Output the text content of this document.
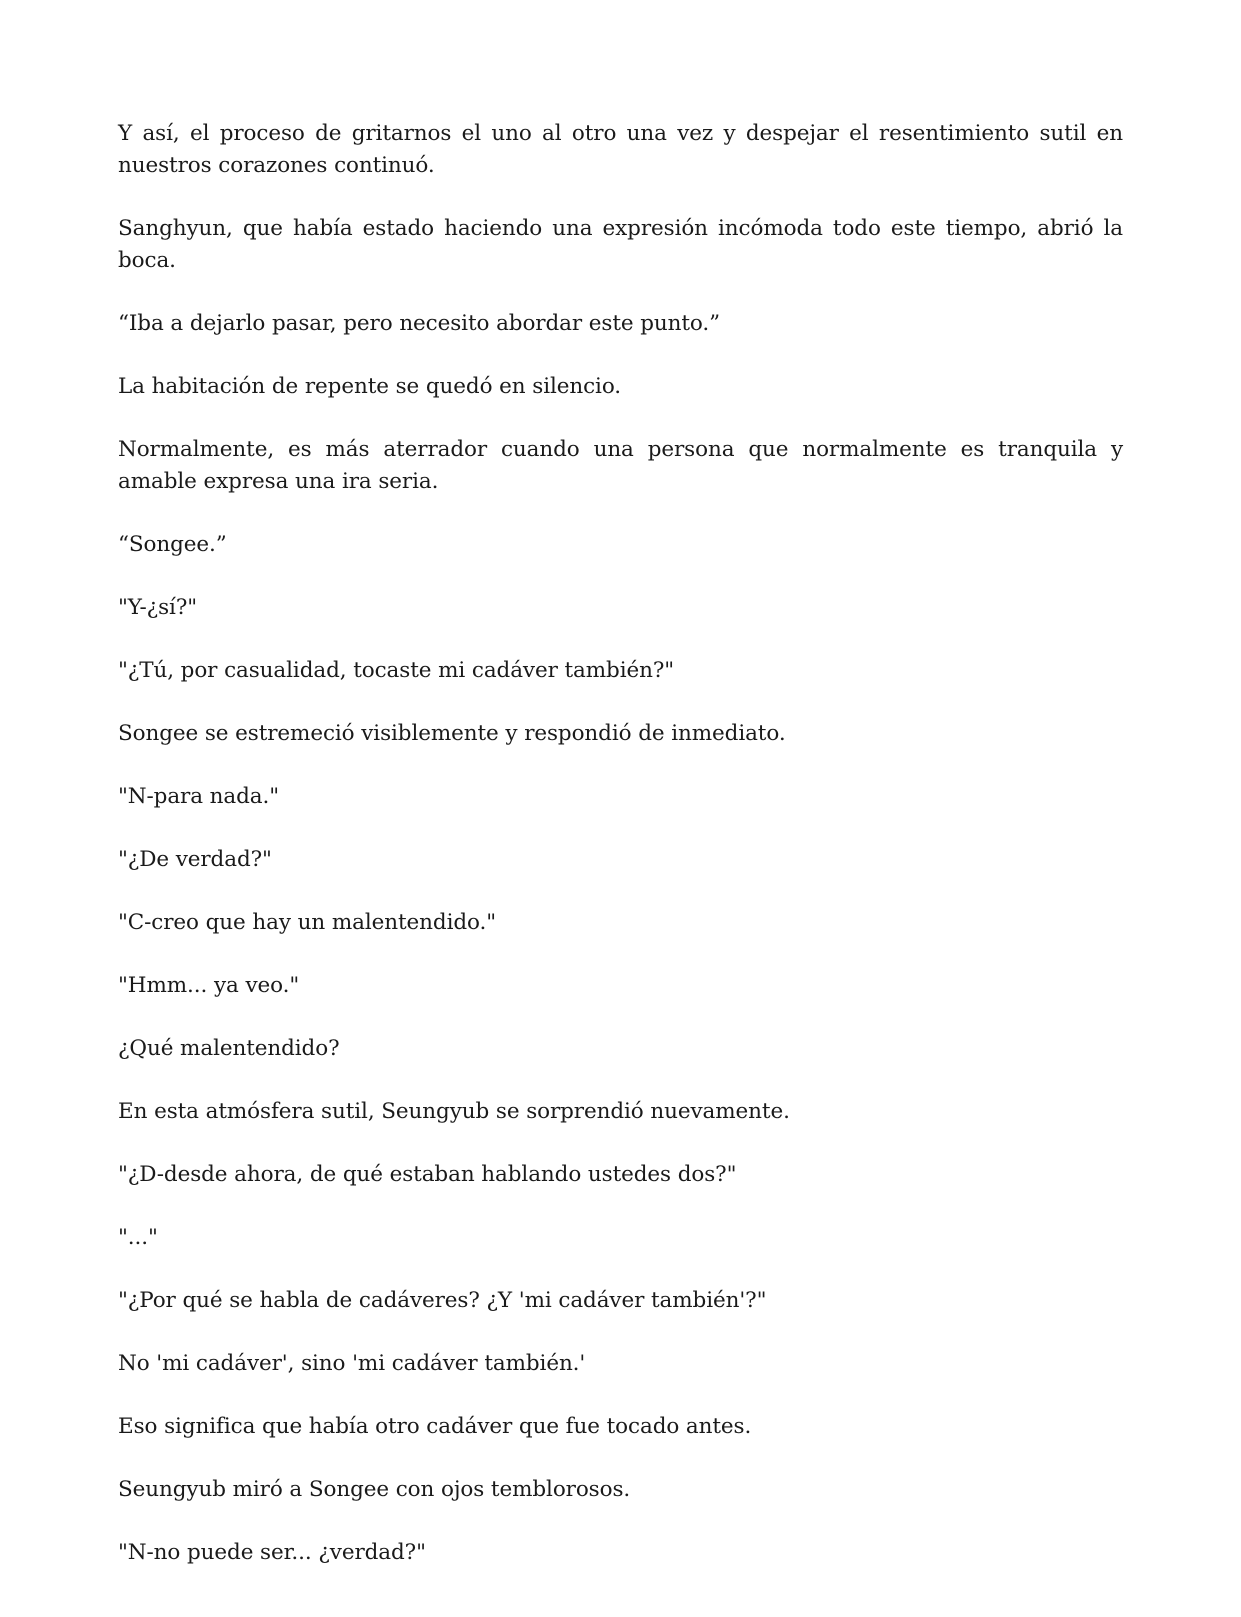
Y así, el proceso de gritarnos el uno al otro una vez y despejar el resentimiento sutil en nuestros corazones continuó.

Sanghyun, que había estado haciendo una expresión incómoda todo este tiempo, abrió la boca.

“Iba a dejarlo pasar, pero necesito abordar este punto.”

La habitación de repente se quedó en silencio.

Normalmente, es más aterrador cuando una persona que normalmente es tranquila y amable expresa una ira seria.

“Songee.”

"Y-¿sí?"

"¿Tú, por casualidad, tocaste mi cadáver también?"

Songee se estremeció visiblemente y respondió de inmediato.

"N-para nada."

"¿De verdad?"

"C-creo que hay un malentendido."

"Hmm... ya veo."

¿Qué malentendido?

En esta atmósfera sutil, Seungyub se sorprendió nuevamente.

"¿D-desde ahora, de qué estaban hablando ustedes dos?"

"..."

"¿Por qué se habla de cadáveres? ¿Y 'mi cadáver también'?"

No 'mi cadáver', sino 'mi cadáver también.'

Eso significa que había otro cadáver que fue tocado antes.

Seungyub miró a Songee con ojos temblorosos.

"N-no puede ser... ¿verdad?"
